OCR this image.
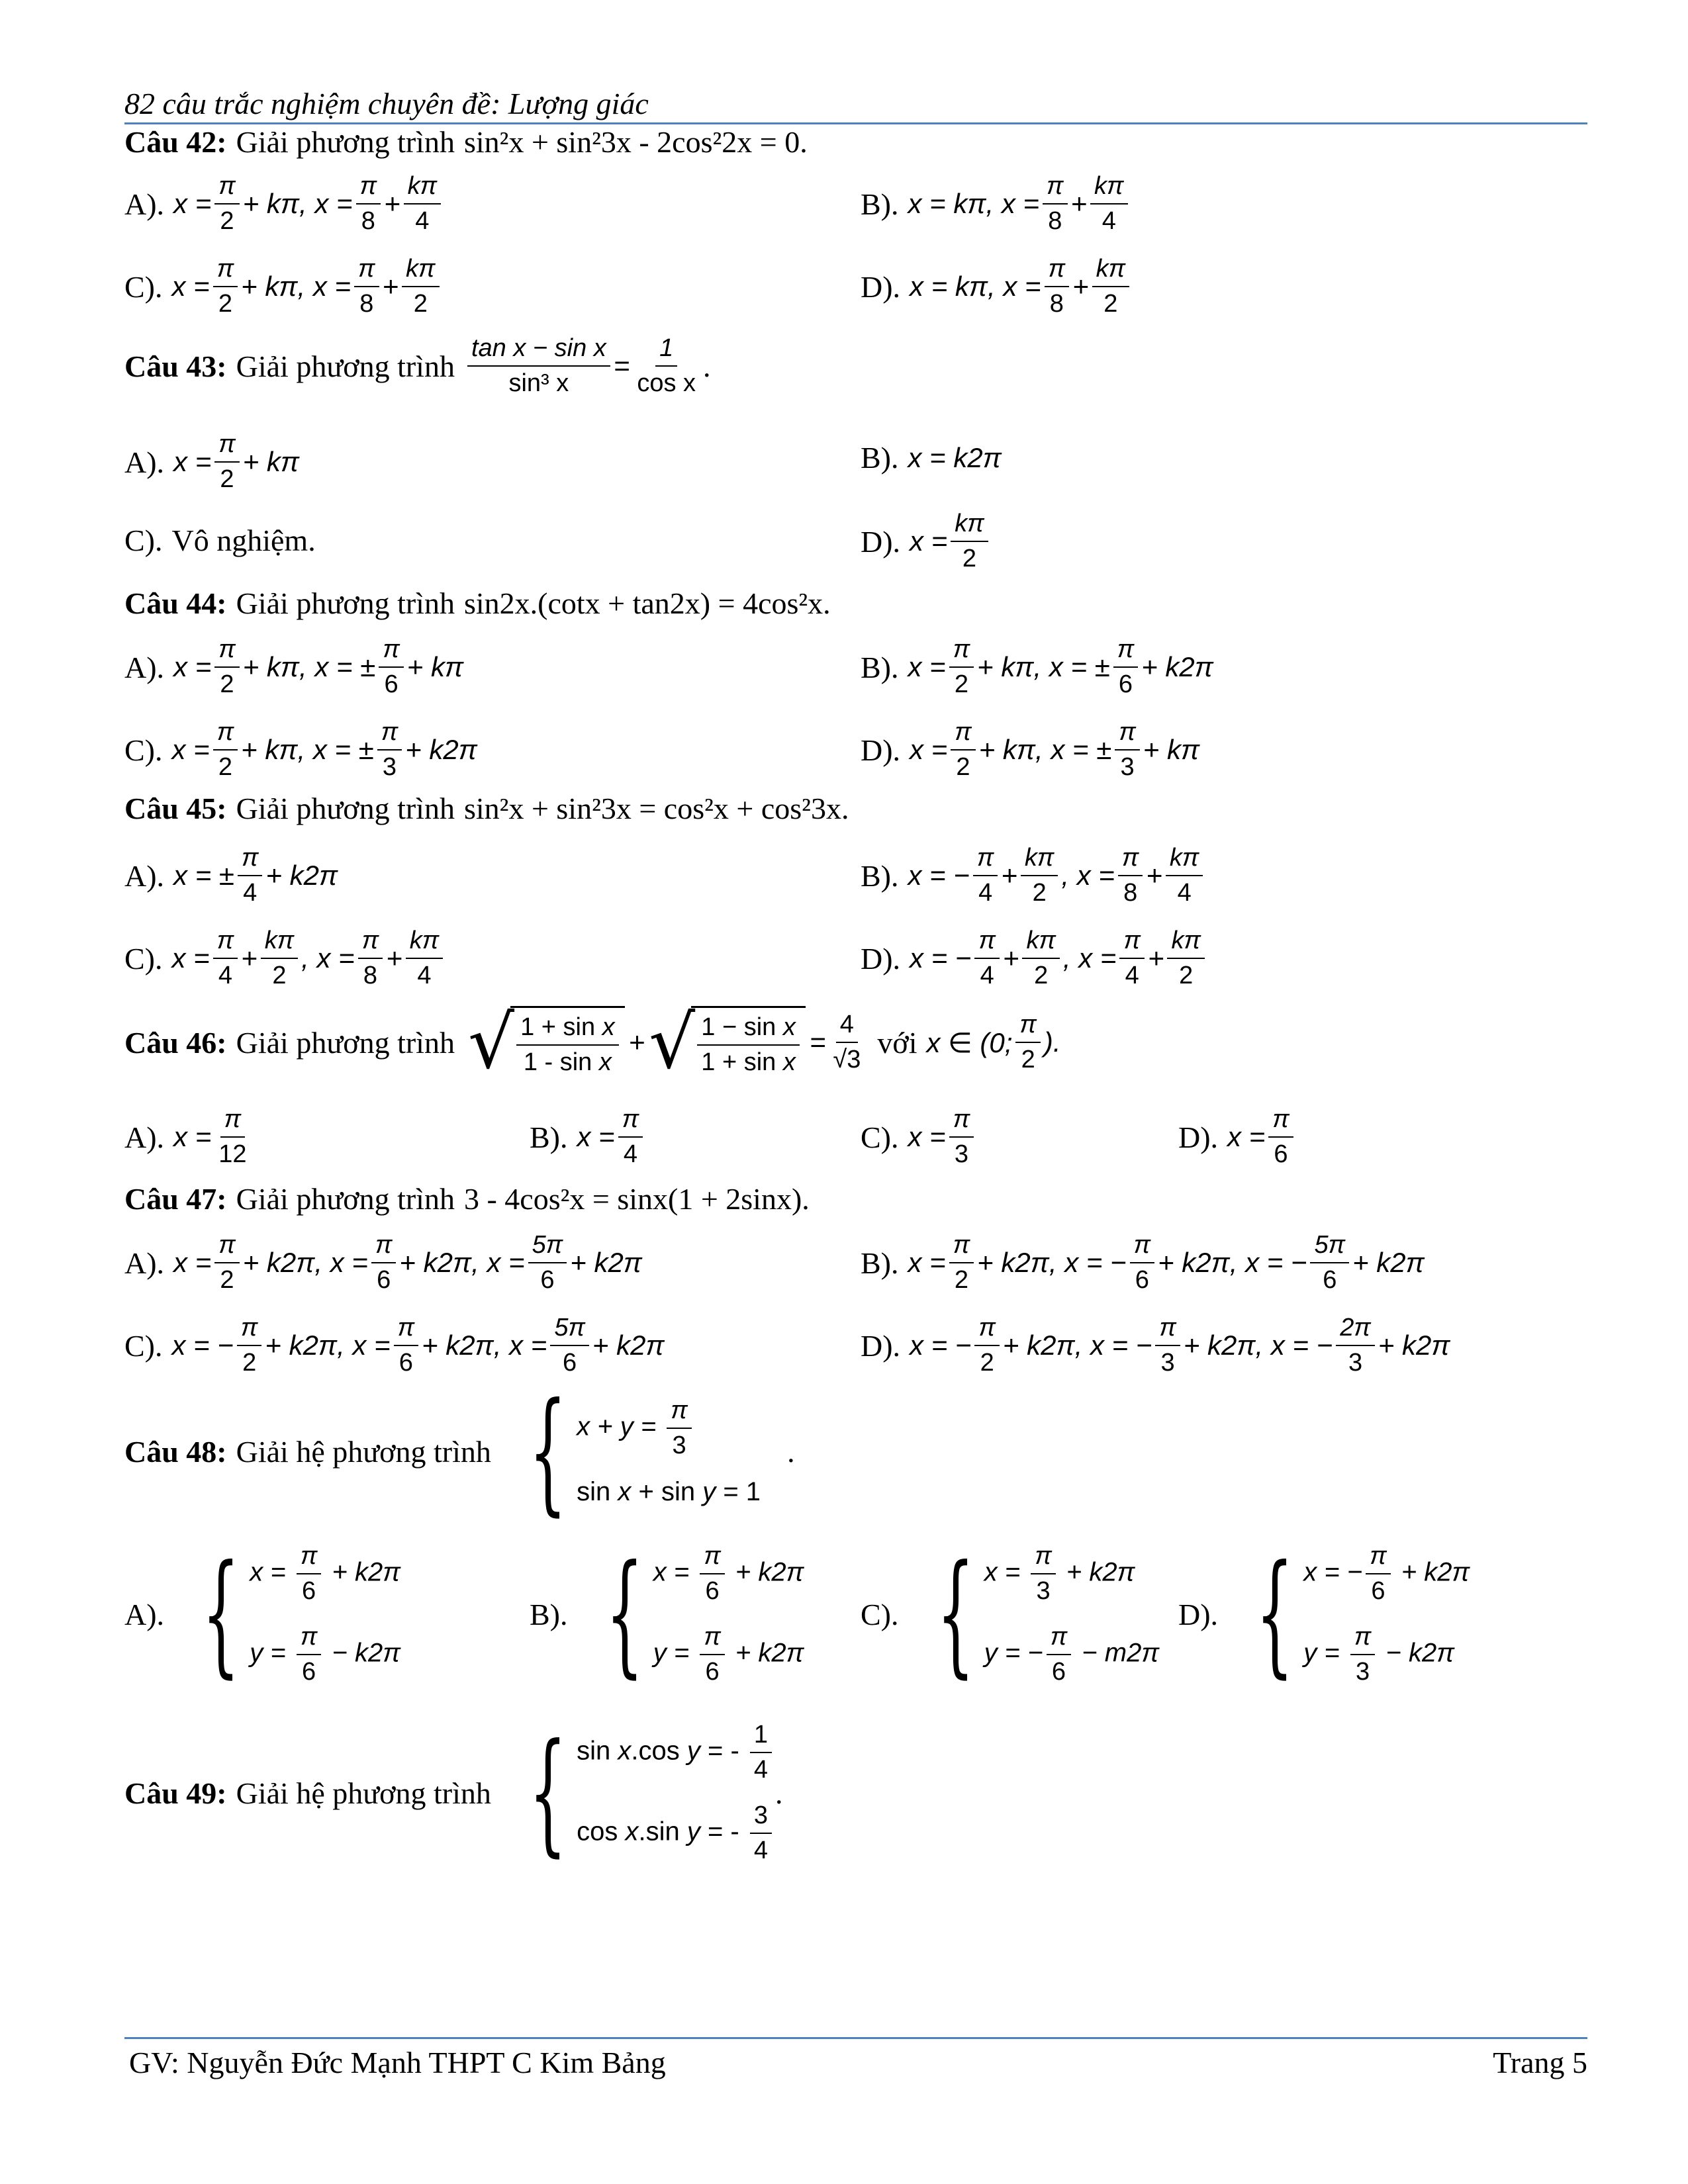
82 câu trắc nghiệm chuyên đề: Lượng giác
Câu 42: Giải phương trình sin²x + sin²3x - 2cos²2x = 0.
A). $x = \frac{\pi}{2} + k\pi$, $x = \frac{\pi}{8} + \frac{k\pi}{4}$	B). x = kπ, $x = \frac{\pi}{8} + \frac{k\pi}{4}$
C). $x = \frac{\pi}{2} + k\pi$, $x = \frac{\pi}{8} + \frac{k\pi}{2}$	D). x = kπ, $x = \frac{\pi}{8} + \frac{k\pi}{2}$
Câu 43: Giải phương trình $\frac{\text{tan x − sin x}}{\text{sin³ x}} = \frac{1}{\text{cos x}}$ .
A). $x = \frac{\pi}{2} + k\pi$	B). x = k2π
C). Vô nghiệm.	D). $x = \frac{k\pi}{2}$
Câu 44: Giải phương trình sin2x.(cotx + tan2x) = 4cos²x.
A). $x = \frac{\pi}{2} + k\pi$, x = ± $\frac{\pi}{6} + k\pi$	B). $x = \frac{\pi}{2} + k\pi$, x = ± $\frac{\pi}{6} + k2\pi$
C). $x = \frac{\pi}{2} + k\pi$, x = ± $\frac{\pi}{3} + k2\pi$	D). $x = \frac{\pi}{2} + k\pi$, x = ± $\frac{\pi}{3} + k\pi$
Câu 45: Giải phương trình sin²x + sin²3x = cos²x + cos²3x.
A). x = ± $\frac{\pi}{4} + k2\pi$	B). x = − $\frac{\pi}{4} + \frac{k\pi}{2}$ , $x = \frac{\pi}{8} + \frac{k\pi}{4}$
C). $x = \frac{\pi}{4} + \frac{k\pi}{2}$ , $x = \frac{\pi}{8} + \frac{k\pi}{4}$	D). x = − $\frac{\pi}{4} + \frac{k\pi}{2}$ , $x = \frac{\pi}{4} + \frac{k\pi}{2}$
Câu 46: Giải phương trình √ $\frac{\text{1 + sin x}}{\text{1 - sin x}}$ + √ $\frac{\text{1 − sin x}}{\text{1 + sin x}} = \frac{4}{√3}$ với x ∈ (0; $\frac{\pi}{2}$ ).
A). $x = \frac{\pi}{12}$	B). $x = \frac{\pi}{4}$	C). $x = \frac{\pi}{3}$	D). $x = \frac{\pi}{6}$
Câu 47: Giải phương trình 3 - 4cos²x = sinx(1 + 2sinx).
A). $x = \frac{\pi}{2} + k2\pi$, $x = \frac{\pi}{6} + k2\pi$, $x = \frac{5\pi}{6} + k2\pi$	B). $x = \frac{\pi}{2} + k2\pi$, x = − $\frac{\pi}{6} + k2\pi$, x = − $\frac{5\pi}{6} + k2\pi$
C). x = − $\frac{\pi}{2} + k2\pi$, $x = \frac{\pi}{6} + k2\pi$, $x = \frac{5\pi}{6} + k2\pi$	D). x = − $\frac{\pi}{2} + k2\pi$, x = − $\frac{\pi}{3} + k2\pi$, x = − $\frac{2\pi}{3} + k2\pi$
Câu 48: Giải hệ phương trình { $x + y = \frac{\pi}{3}$
sin x + sin y = 1
.
A). { $x = \frac{\pi}{6} + k2\pi$
$y = \frac{\pi}{6} - k2\pi$
B). { $x = \frac{\pi}{6} + k2\pi$
$y = \frac{\pi}{6} + k2\pi$
C). { $x = \frac{\pi}{3} + k2\pi$
y = − $\frac{\pi}{6} - m2\pi$
D). { x = − $\frac{\pi}{6} + k2\pi$
$y = \frac{\pi}{3} - k2\pi$
Câu 49: Giải hệ phương trình { sin x.cos y = - $\frac{1}{4}$
cos x.sin y = - $\frac{3}{4}$
.
GV: Nguyễn Đức Mạnh THPT C Kim Bảng	Trang 5
